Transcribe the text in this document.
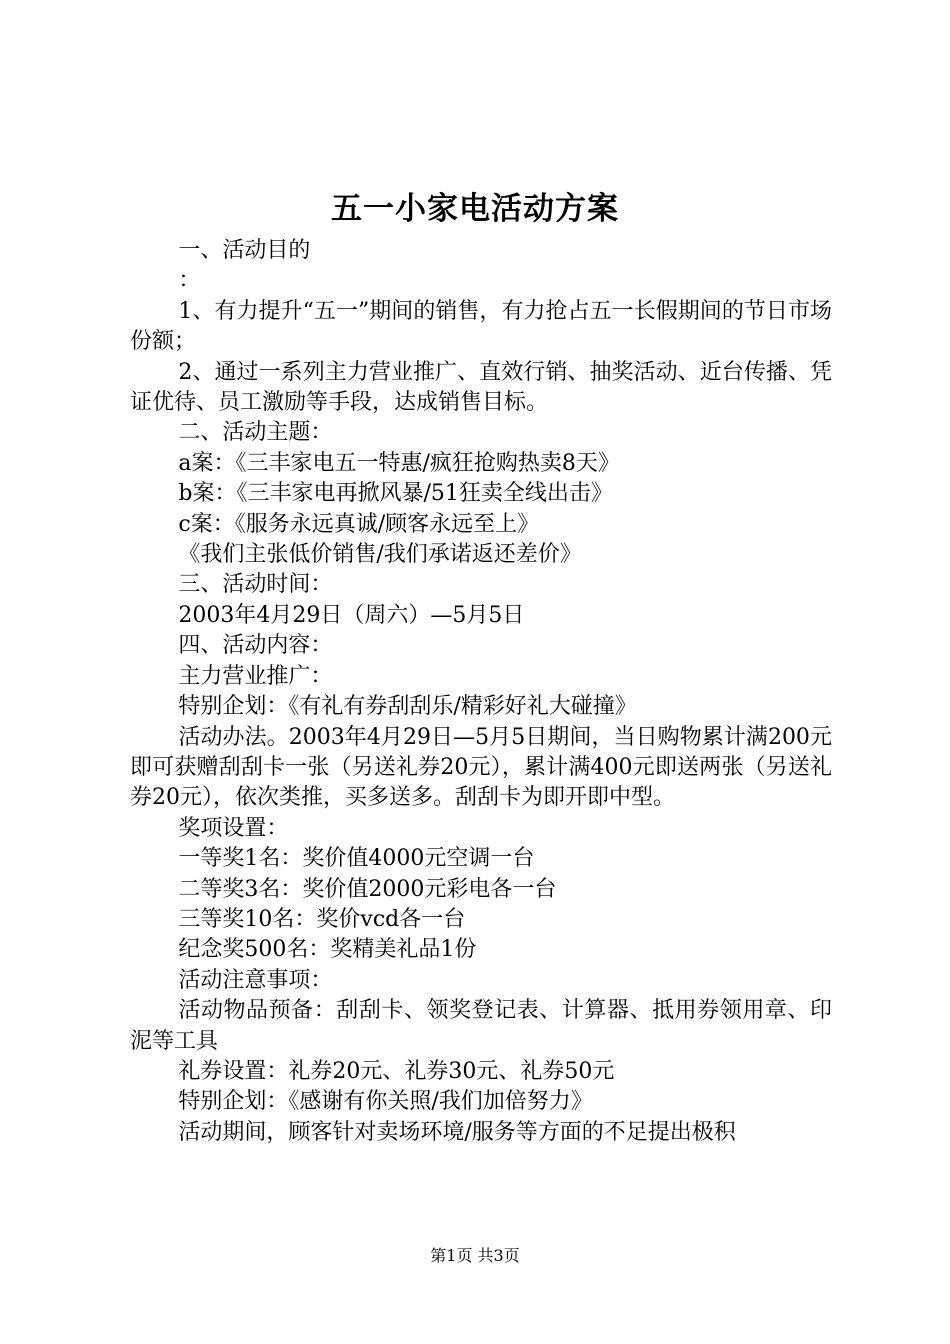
五一小家电活动方案

一、活动目的

：

1、有力提升“五一”期间的销售，有力抢占五一长假期间的节日市场份额；

2、通过一系列主力营业推广、直效行销、抽奖活动、近台传播、凭证优待、员工激励等手段，达成销售目标。

二、活动主题：

a案：《三丰家电五一特惠/疯狂抢购热卖8天》

b案：《三丰家电再掀风暴/51狂卖全线出击》

c案：《服务永远真诚/顾客永远至上》

《我们主张低价销售/我们承诺返还差价》

三、活动时间：

2003年4月29日（周六）—5月5日

四、活动内容：

主力营业推广：

特别企划：《有礼有券刮刮乐/精彩好礼大碰撞》

活动办法。2003年4月29日—5月5日期间，当日购物累计满200元即可获赠刮刮卡一张（另送礼券20元），累计满400元即送两张（另送礼券20元），依次类推，买多送多。刮刮卡为即开即中型。

奖项设置：

一等奖1名：奖价值4000元空调一台

二等奖3名：奖价值2000元彩电各一台

三等奖10名：奖价vcd各一台

纪念奖500名：奖精美礼品1份

活动注意事项：

活动物品预备：刮刮卡、领奖登记表、计算器、抵用券领用章、印泥等工具

礼券设置：礼券20元、礼券30元、礼券50元

特别企划：《感谢有你关照/我们加倍努力》

活动期间，顾客针对卖场环境/服务等方面的不足提出极积

第1页 共3页
